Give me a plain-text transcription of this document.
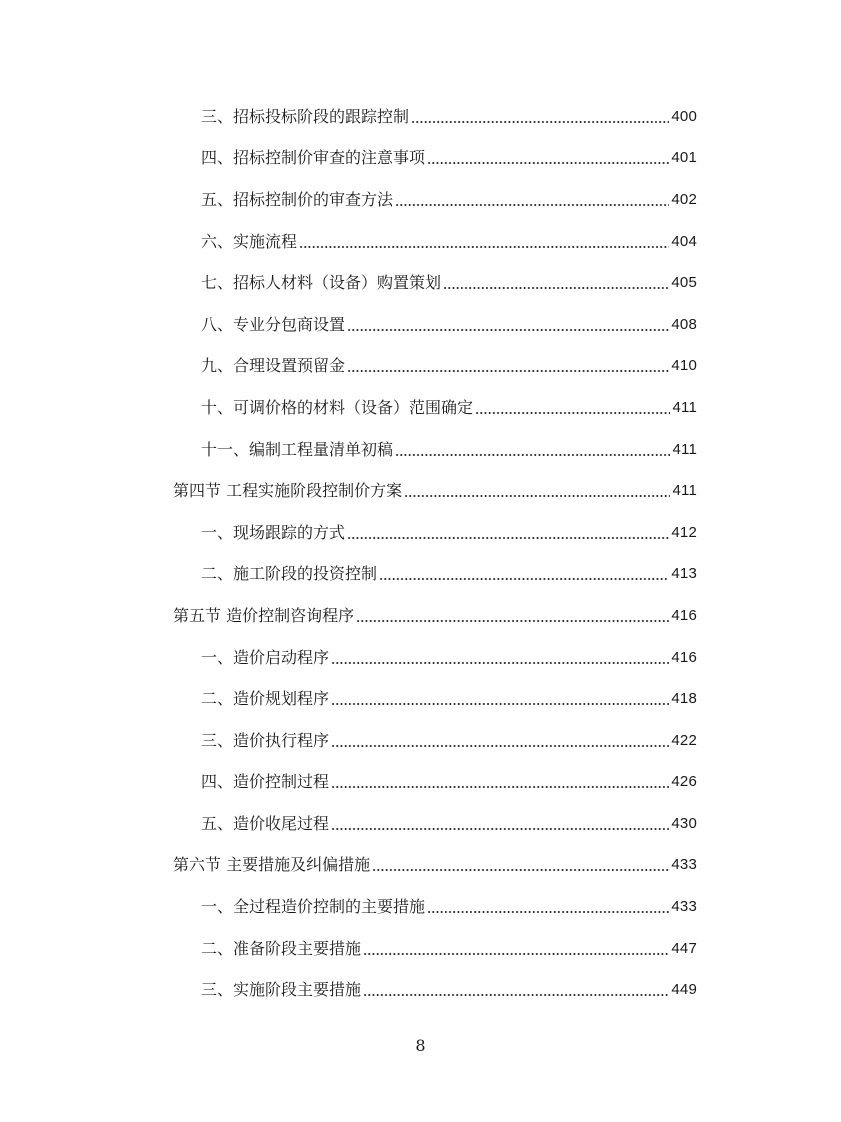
三、招标投标阶段的跟踪控制	400
四、招标控制价审查的注意事项	401
五、招标控制价的审查方法	402
六、实施流程	404
七、招标人材料（设备）购置策划	405
八、专业分包商设置	408
九、合理设置预留金	410
十、可调价格的材料（设备）范围确定	411
十一、编制工程量清单初稿	411
第四节 工程实施阶段控制价方案	411
一、现场跟踪的方式	412
二、施工阶段的投资控制	413
第五节 造价控制咨询程序	416
一、造价启动程序	416
二、造价规划程序	418
三、造价执行程序	422
四、造价控制过程	426
五、造价收尾过程	430
第六节 主要措施及纠偏措施	433
一、全过程造价控制的主要措施	433
二、准备阶段主要措施	447
三、实施阶段主要措施	449
8
